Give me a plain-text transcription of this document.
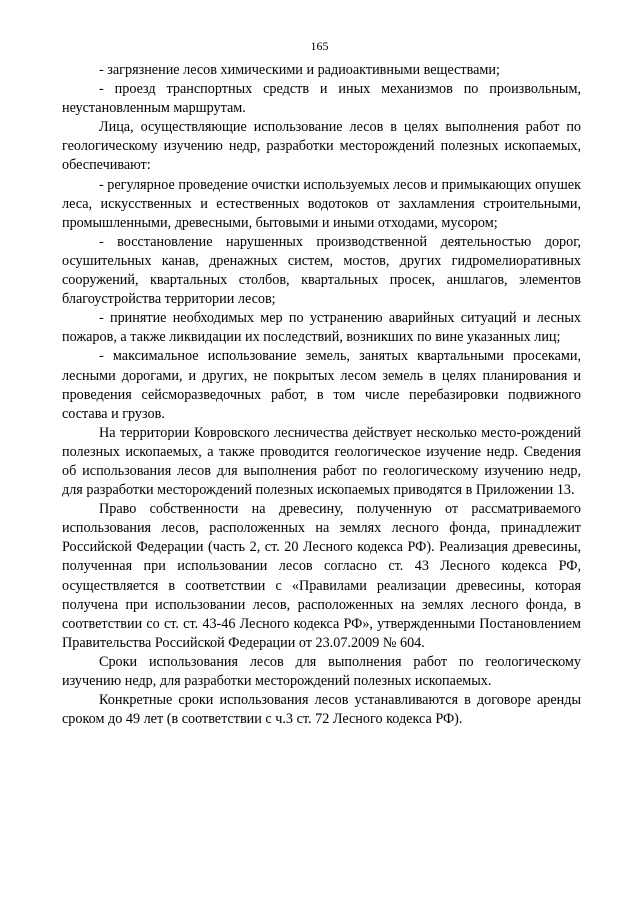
165

- загрязнение лесов химическими и радиоактивными веществами;

- проезд транспортных средств и иных механизмов по произвольным, неустановленным маршрутам.

Лица, осуществляющие использование лесов в целях выполнения работ по геологическому изучению недр, разработки месторождений полезных ископаемых, обеспечивают:

- регулярное проведение очистки используемых лесов и примыкающих опушек леса, искусственных и естественных водотоков от захламления строительными, промышленными, древесными, бытовыми и иными отходами, мусором;

- восстановление нарушенных производственной деятельностью дорог, осушительных канав, дренажных систем, мостов, других гидромелиоративных сооружений, квартальных столбов, квартальных просек, аншлагов, элементов благоустройства территории лесов;

- принятие необходимых мер по устранению аварийных ситуаций и лесных пожаров, а также ликвидации их последствий, возникших по вине указанных лиц;

- максимальное использование земель, занятых квартальными просеками, лесными дорогами, и других, не покрытых лесом земель в целях планирования и проведения сейсморазведочных работ, в том числе перебазировки подвижного состава и грузов.

На территории Ковровского лесничества действует несколько место-рождений полезных ископаемых, а также проводится геологическое изучение недр. Сведения об использования лесов для выполнения работ по геологическому изучению недр, для разработки месторождений полезных ископаемых приводятся в Приложении 13.

Право собственности на древесину, полученную от рассматриваемого использования лесов, расположенных на землях лесного фонда, принадлежит Российской Федерации (часть 2, ст. 20 Лесного кодекса РФ). Реализация древесины, полученная при использовании лесов согласно ст. 43 Лесного кодекса РФ, осуществляется в соответствии с «Правилами реализации древесины, которая получена при использовании лесов, расположенных на землях лесного фонда, в соответствии со ст. ст. 43-46 Лесного кодекса РФ», утвержденными Постановлением Правительства Российской Федерации от 23.07.2009 № 604.

Сроки использования лесов для выполнения работ по геологическому изучению недр, для разработки месторождений полезных ископаемых.

Конкретные сроки использования лесов устанавливаются в договоре аренды сроком до 49 лет (в соответствии с ч.3 ст. 72 Лесного кодекса РФ).
